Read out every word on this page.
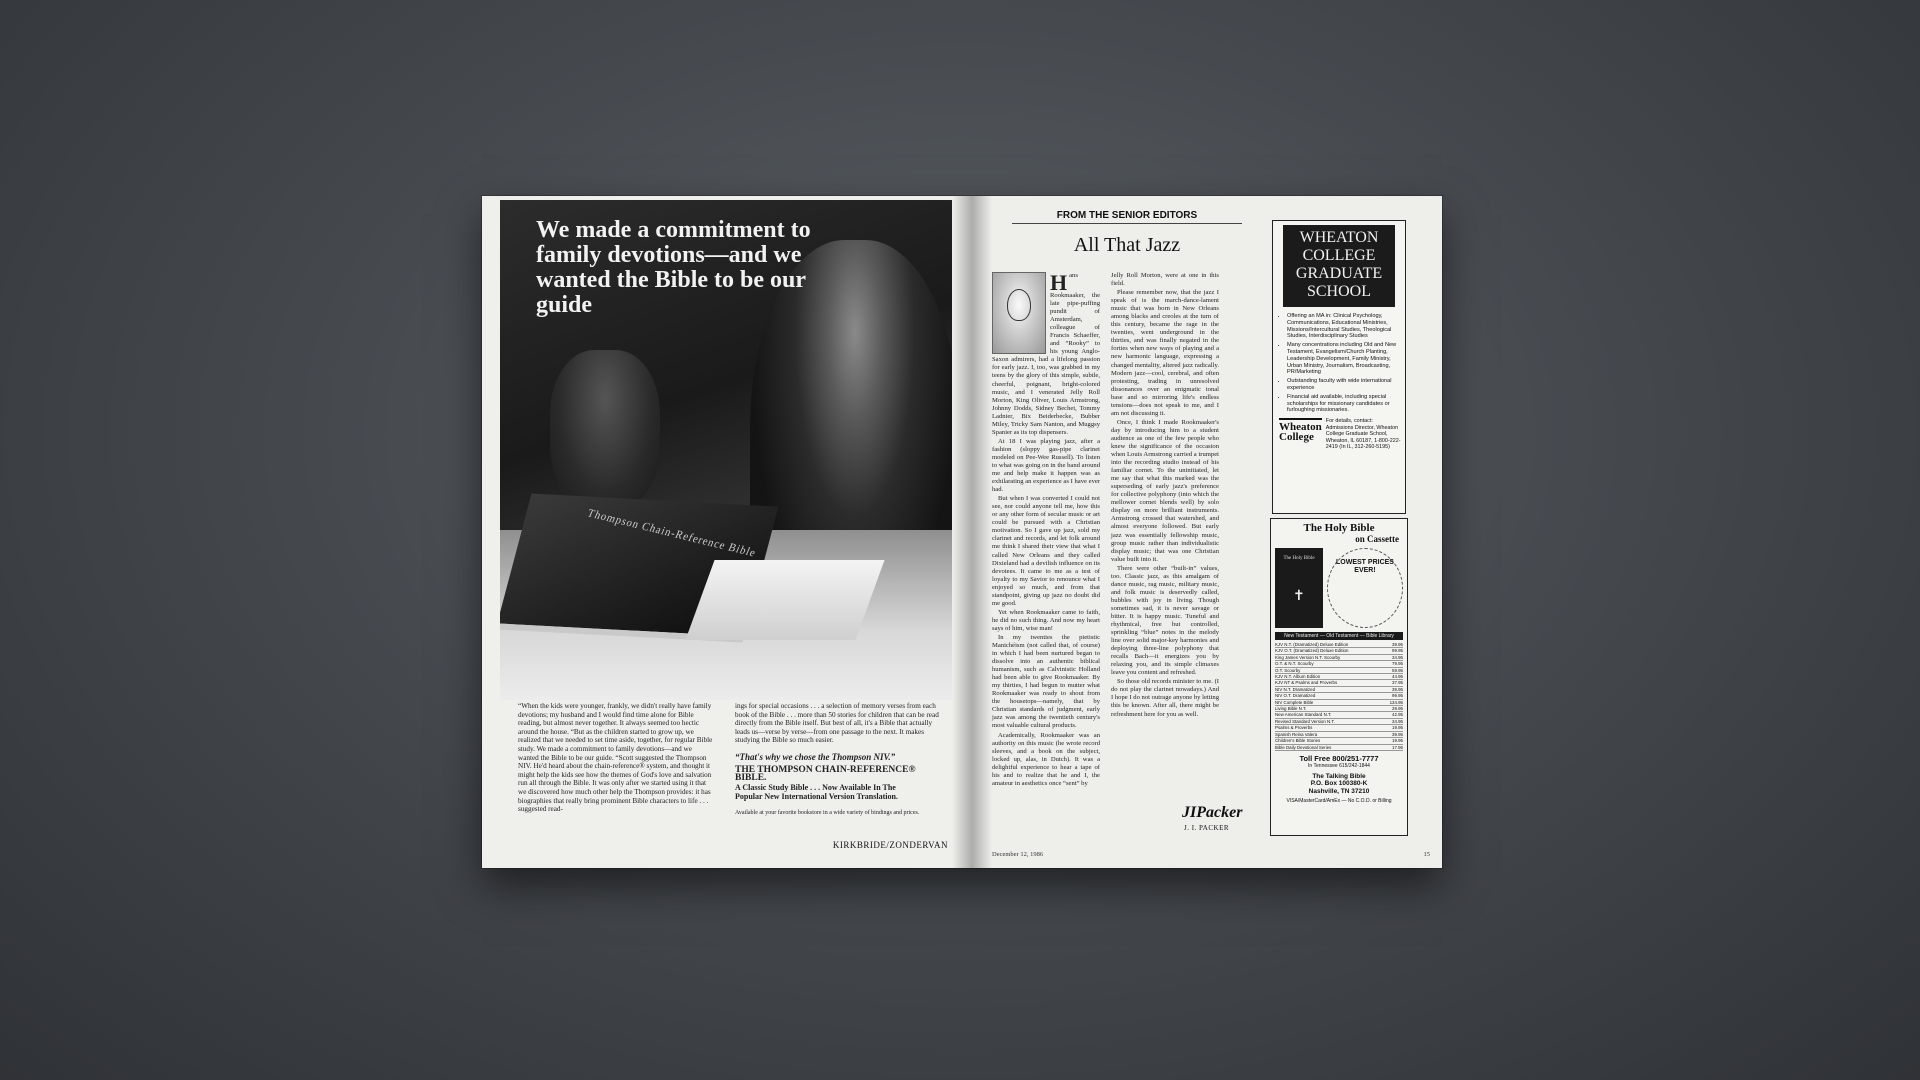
Thompson Chain-Reference Bible
We made a commitment to family devotions—and we wanted the Bible to be our guide
“When the kids were younger, frankly, we didn't really have family devotions; my husband and I would find time alone for Bible reading, but almost never together. It always seemed too hectic around the house. “But as the children started to grow up, we realized that we needed to set time aside, together, for regular Bible study. We made a commitment to family devotions—and we wanted the Bible to be our guide. “Scott suggested the Thompson NIV. He'd heard about the chain-reference® system, and thought it might help the kids see how the themes of God's love and salvation run all through the Bible. It was only after we started using it that we discovered how much other help the Thompson provides: it has biographies that really bring prominent Bible characters to life . . . suggested read-
ings for special occasions . . . a selection of memory verses from each book of the Bible . . . more than 50 stories for children that can be read directly from the Bible itself. But best of all, it's a Bible that actually leads us—verse by verse—from one passage to the next. It makes studying the Bible so much easier.
“That's why we chose the Thompson NIV.”
THE THOMPSON CHAIN-REFERENCE® BIBLE.
A Classic Study Bible . . . Now Available In The
Popular New International Version Translation.
Available at your favorite bookstore in a wide variety of bindings and prices.
KIRKBRIDE/ZONDERVAN
FROM THE SENIOR EDITORS
All That Jazz

Hans Rookmaaker, the late pipe-puffing pundit of Amsterdam, colleague of Francis Schaeffer, and “Rooky” to his young Anglo-Saxon admirers, had a lifelong passion for early jazz. I, too, was grabbed in my teens by the glory of this simple, subtle, cheerful, poignant, bright-colored music, and I venerated Jelly Roll Morton, King Oliver, Louis Armstrong, Johnny Dodds, Sidney Bechet, Tommy Ladnier, Bix Beiderbecke, Bubber Miley, Tricky Sam Nanton, and Muggsy Spanier as its top dispensers.

At 18 I was playing jazz, after a fashion (sloppy gas-pipe clarinet modeled on Pee-Wee Russell). To listen to what was going on in the band around me and help make it happen was as exhilarating an experience as I have ever had.

But when I was converted I could not see, nor could anyone tell me, how this or any other form of secular music or art could be pursued with a Christian motivation. So I gave up jazz, sold my clarinet and records, and let folk around me think I shared their view that what I called New Orleans and they called Dixieland had a devilish influence on its devotees. It came to me as a test of loyalty to my Savior to renounce what I enjoyed so much, and from that standpoint, giving up jazz no doubt did me good.

Yet when Rookmaaker came to faith, he did no such thing. And now my heart says of him, wise man!

In my twenties the pietistic Manichéism (not called that, of course) in which I had been nurtured began to dissolve into an authentic biblical humanism, such as Calvinistic Holland had been able to give Rookmaaker. By my thirties, I had begun to mutter what Rookmaaker was ready to shout from the housetops—namely, that by Christian standards of judgment, early jazz was among the twentieth century's most valuable cultural products.

Academically, Rookmaaker was an authority on this music (he wrote record sleeves, and a book on the subject, locked up, alas, in Dutch). It was a delightful experience to hear a tape of his and to realize that he and I, the amateur in aesthetics once “sent” by

Jelly Roll Morton, were at one in this field.

Please remember now, that the jazz I speak of is the march-dance-lament music that was born in New Orleans among blacks and creoles at the turn of this century, became the rage in the twenties, went underground in the thirties, and was finally negated in the forties when new ways of playing and a new harmonic language, expressing a changed mentality, altered jazz radically. Modern jazz—cool, cerebral, and often protesting, trading in unresolved dissonances over an enigmatic tonal base and so mirroring life's endless tensions—does not speak to me, and I am not discussing it.

Once, I think I made Rookmaaker's day by introducing him to a student audience as one of the few people who knew the significance of the occasion when Louis Armstrong carried a trumpet into the recording studio instead of his familiar cornet. To the uninitiated, let me say that what this marked was the superseding of early jazz's preference for collective polyphony (into which the mellower cornet blends well) by solo display on more brilliant instruments. Armstrong crossed that watershed, and almost everyone followed. But early jazz was essentially fellowship music, group music rather than individualistic display music; that was one Christian value built into it.

There were other “built-in” values, too. Classic jazz, as this amalgam of dance music, rag music, military music, and folk music is deservedly called, bubbles with joy in living. Though sometimes sad, it is never savage or bitter. It is happy music. Tuneful and rhythmical, free but controlled, sprinkling “blue” notes in the melody line over solid major-key harmonies and deploying three-line polyphony that recalls Bach—it energizes you by relaxing you, and its simple climaxes leave you content and refreshed.

So those old records minister to me. (I do not play the clarinet nowadays.) And I hope I do not outrage anyone by letting this be known. After all, there might be refreshment here for you as well.

JIPacker
J. I. PACKER
WHEATON
COLLEGE
GRADUATE
SCHOOL
• Offering an MA in: Clinical Psychology, Communications, Educational Ministries, Missions/Intercultural Studies, Theological Studies, Interdisciplinary Studies
• Many concentrations including Old and New Testament, Evangelism/Church Planting, Leadership Development, Family Ministry, Urban Ministry, Journalism, Broadcasting, PR/Marketing
• Outstanding faculty with wide international experience
• Financial aid available, including special scholarships for missionary candidates or furloughing missionaries.
Wheaton College
For details, contact: Admissions Director, Wheaton College Graduate School, Wheaton, IL 60187, 1-800-222-2419 (In IL, 312-260-5195)
The Holy Bible
on Cassette
The Holy Bible ✝
LOWEST PRICES EVER!
New Testament — Old Testament — Bible Library
KJV N.T. (Dramatized) Deluxe Edition	39.95
KJV O.T. (Dramatized) Deluxe Edition	99.95
King James Version N.T. Scourby	34.95
O.T. & N.T. Scourby	79.95
O.T. Scourby	59.95
KJV N.T. Album Edition	44.95
KJV NT & Psalms and Proverbs	37.95
NIV N.T. Dramatized	39.95
NIV O.T. Dramatized	99.95
NIV Complete Bible	134.95
Living Bible N.T.	29.95
New American Standard N.T.	42.95
Revised Standard Version N.T.	34.95
Psalms & Proverbs	19.95
Spanish Reina Valera	39.95
Children's Bible Stories	19.95
Bible Daily Devotional Series	17.95
Toll Free 800/251-7777
In Tennessee 615/242-1844
The Talking Bible
P.O. Box 100380-K
Nashville, TN 37210
VISA/MasterCard/AmEx — No C.O.D. or Billing
December 12, 1986	15
